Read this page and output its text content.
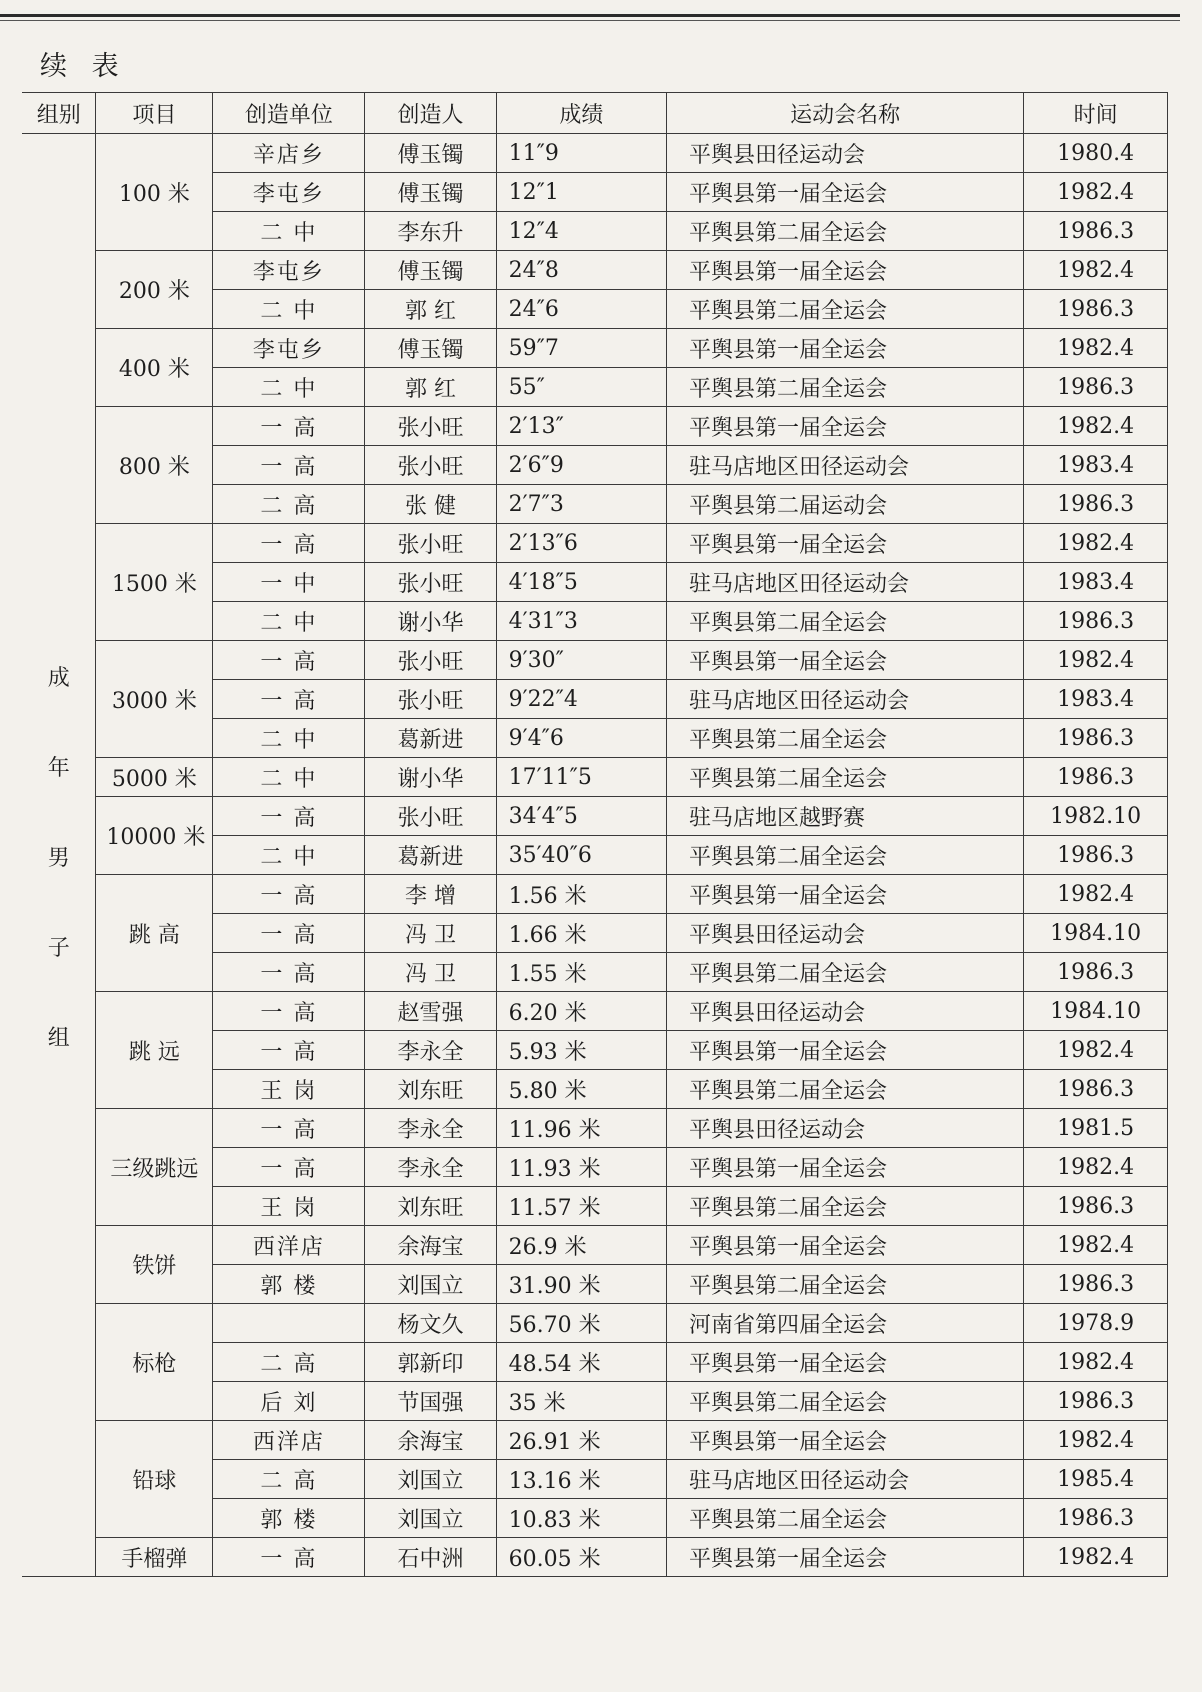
续 表
组别	项目	创造单位	创造人	成绩	运动会名称	时间

成
年
男
子
组	100 米	辛店乡	傅玉镯	11″9	平舆县田径运动会	1980.4
		李屯乡	傅玉镯	12″1	平舆县第一届全运会	1982.4
		二 中	李东升	12″4	平舆县第二届全运会	1986.3
	200 米	李屯乡	傅玉镯	24″8	平舆县第一届全运会	1982.4
		二 中	郭 红	24″6	平舆县第二届全运会	1986.3
	400 米	李屯乡	傅玉镯	59″7	平舆县第一届全运会	1982.4
		二 中	郭 红	55″	平舆县第二届全运会	1986.3
	800 米	一 高	张小旺	2′13″	平舆县第一届全运会	1982.4
		一 高	张小旺	2′6″9	驻马店地区田径运动会	1983.4
		二 高	张 健	2′7″3	平舆县第二届运动会	1986.3
	1500 米	一 高	张小旺	2′13″6	平舆县第一届全运会	1982.4
		一 中	张小旺	4′18″5	驻马店地区田径运动会	1983.4
		二 中	谢小华	4′31″3	平舆县第二届全运会	1986.3
	3000 米	一 高	张小旺	9′30″	平舆县第一届全运会	1982.4
		一 高	张小旺	9′22″4	驻马店地区田径运动会	1983.4
		二 中	葛新进	9′4″6	平舆县第二届全运会	1986.3
	5000 米	二 中	谢小华	17′11″5	平舆县第二届全运会	1986.3
	10000 米	一 高	张小旺	34′4″5	驻马店地区越野赛	1982.10
		二 中	葛新进	35′40″6	平舆县第二届全运会	1986.3
	跳 高	一 高	李 增	1.56 米	平舆县第一届全运会	1982.4
		一 高	冯 卫	1.66 米	平舆县田径运动会	1984.10
		一 高	冯 卫	1.55 米	平舆县第二届全运会	1986.3
	跳 远	一 高	赵雪强	6.20 米	平舆县田径运动会	1984.10
		一 高	李永全	5.93 米	平舆县第一届全运会	1982.4
		王 岗	刘东旺	5.80 米	平舆县第二届全运会	1986.3
	三级跳远	一 高	李永全	11.96 米	平舆县田径运动会	1981.5
		一 高	李永全	11.93 米	平舆县第一届全运会	1982.4
		王 岗	刘东旺	11.57 米	平舆县第二届全运会	1986.3
	铁饼	西洋店	余海宝	26.9 米	平舆县第一届全运会	1982.4
		郭 楼	刘国立	31.90 米	平舆县第二届全运会	1986.3
	标枪		杨文久	56.70 米	河南省第四届全运会	1978.9
		二 高	郭新印	48.54 米	平舆县第一届全运会	1982.4
		后 刘	节国强	35 米	平舆县第二届全运会	1986.3
	铅球	西洋店	余海宝	26.91 米	平舆县第一届全运会	1982.4
		二 高	刘国立	13.16 米	驻马店地区田径运动会	1985.4
		郭 楼	刘国立	10.83 米	平舆县第二届全运会	1986.3
	手榴弹	一 高	石中洲	60.05 米	平舆县第一届全运会	1982.4
